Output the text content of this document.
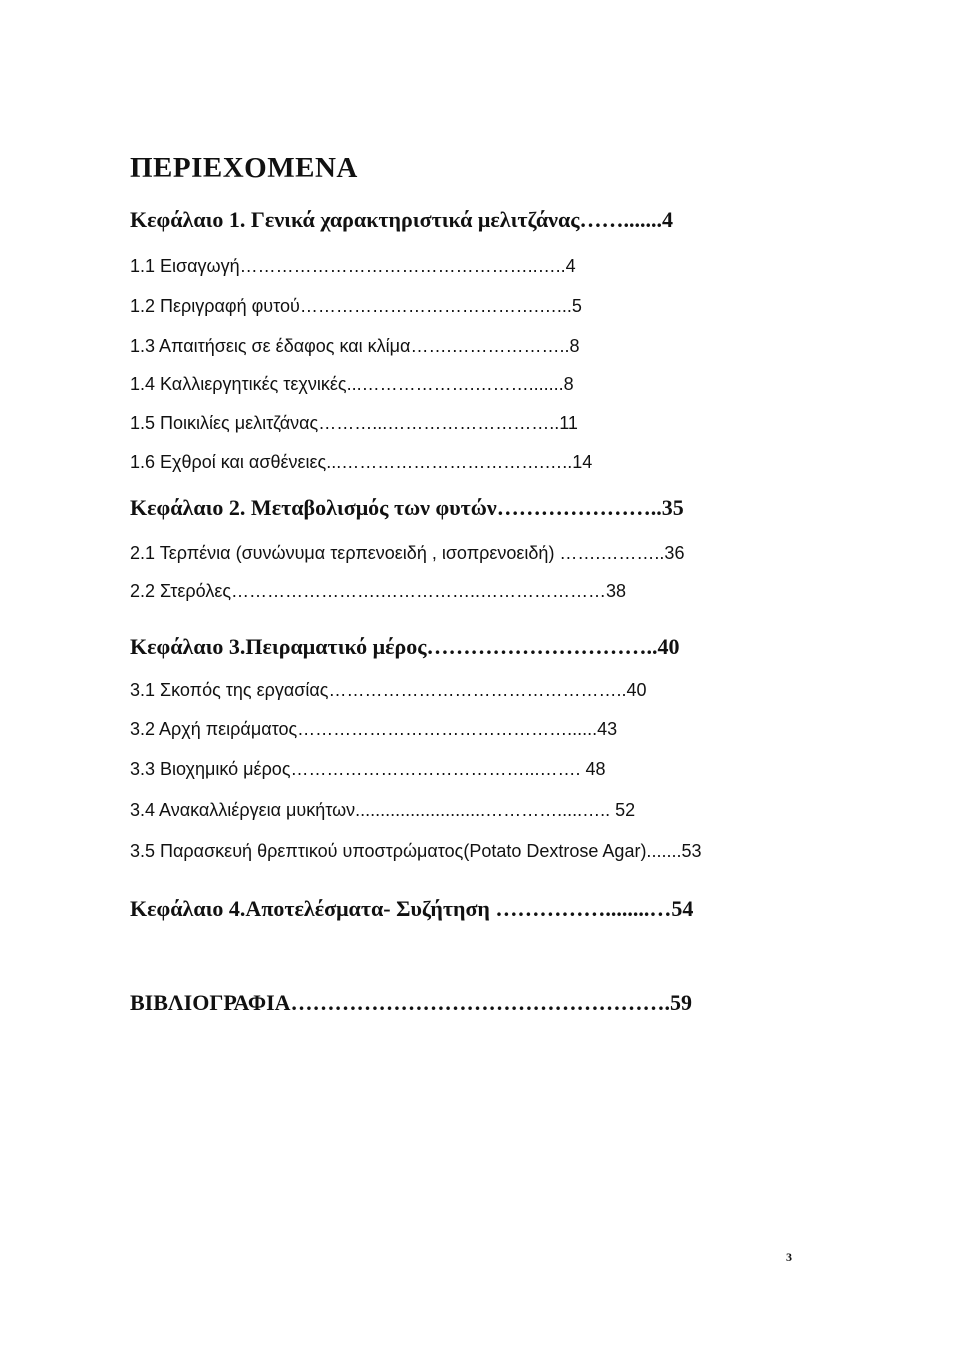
ΠΕΡΙΕΧΟΜΕΝΑ
Κεφάλαιο 1. Γενικά χαρακτηριστικά μελιτζάνας…….......4
1.1 Εισαγωγή…………………………………………..…..4
1.2 Περιγραφή φυτού………………………………….…...5
1.3 Απαιτήσεις σε έδαφος και κλίμα…….………………..8
1.4 Καλλιεργητικές τεχνικές...……………….……….......8
1.5 Ποικιλίες μελιτζάνας………...………………………..11
1.6 Εχθροί και ασθένειες...…………………………….…..14
Κεφάλαιο 2. Μεταβολισμός των φυτών…………………..35
2.1 Τερπένια (συνώνυμα τερπενοειδή , ισοπρενοειδή) …….………..36
2.2 Στερόλες…………………….……………..…………………38
Κεφάλαιο 3.Πειραματικό μέρος…………………………..40
3.1 Σκοπός της εργασίας…………………………………………..40
3.2 Αρχή πειράματος………………………………………......43
3.3 Βιοχημικό μέρος…………………………………...……. 48
3.4 Ανακαλλιέργεια μυκήτων..........................………….....….. 52
3.5 Παρασκευή θρεπτικού υποστρώματος(Potato Dextrose Agar).......53
Κεφάλαιο 4.Αποτελέσματα- Συζήτηση ……………........…54
ΒΙΒΛΙΟΓΡΑΦΙΑ…………………………………………….59
3
